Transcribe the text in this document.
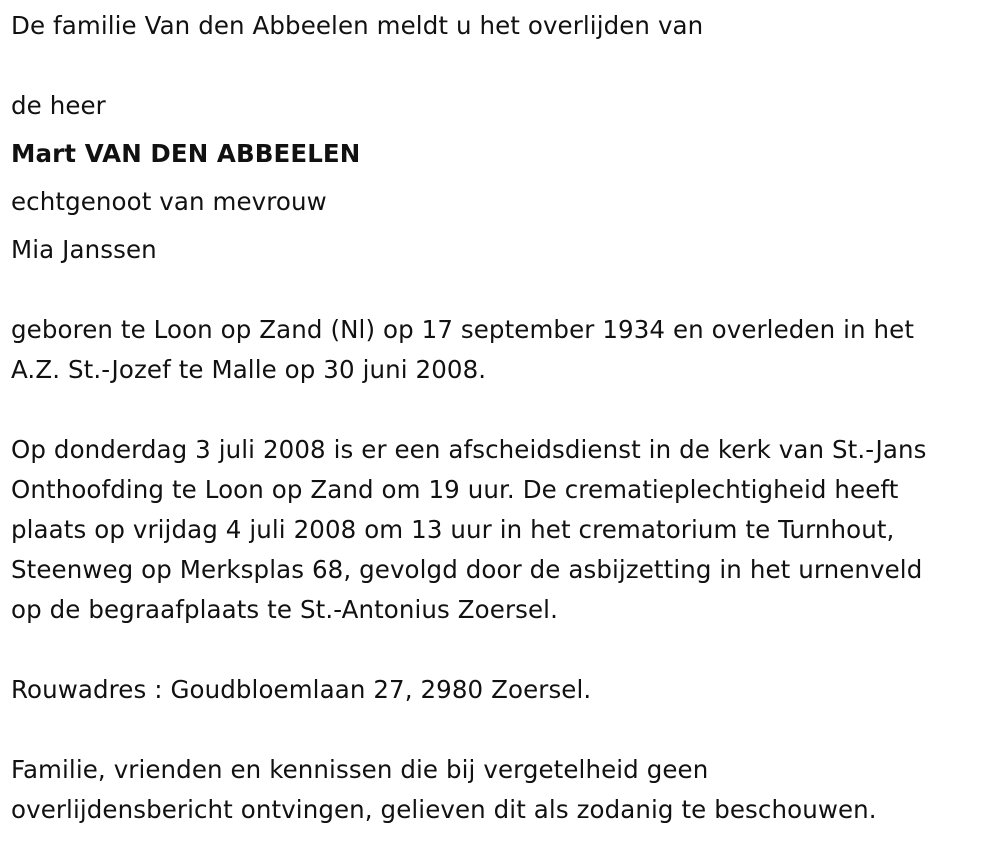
De familie Van den Abbeelen meldt u het overlijden van
de heer
Mart VAN DEN ABBEELEN
echtgenoot van mevrouw
Mia Janssen
geboren te Loon op Zand (Nl) op 17 september 1934 en overleden in het
A.Z. St.-Jozef te Malle op 30 juni 2008.
Op donderdag 3 juli 2008 is er een afscheidsdienst in de kerk van St.-Jans
Onthoofding te Loon op Zand om 19 uur. De crematieplechtigheid heeft
plaats op vrijdag 4 juli 2008 om 13 uur in het crematorium te Turnhout,
Steenweg op Merksplas 68, gevolgd door de asbijzetting in het urnenveld
op de begraafplaats te St.-Antonius Zoersel.
Rouwadres : Goudbloemlaan 27, 2980 Zoersel.
Familie, vrienden en kennissen die bij vergetelheid geen
overlijdensbericht ontvingen, gelieven dit als zodanig te beschouwen.
